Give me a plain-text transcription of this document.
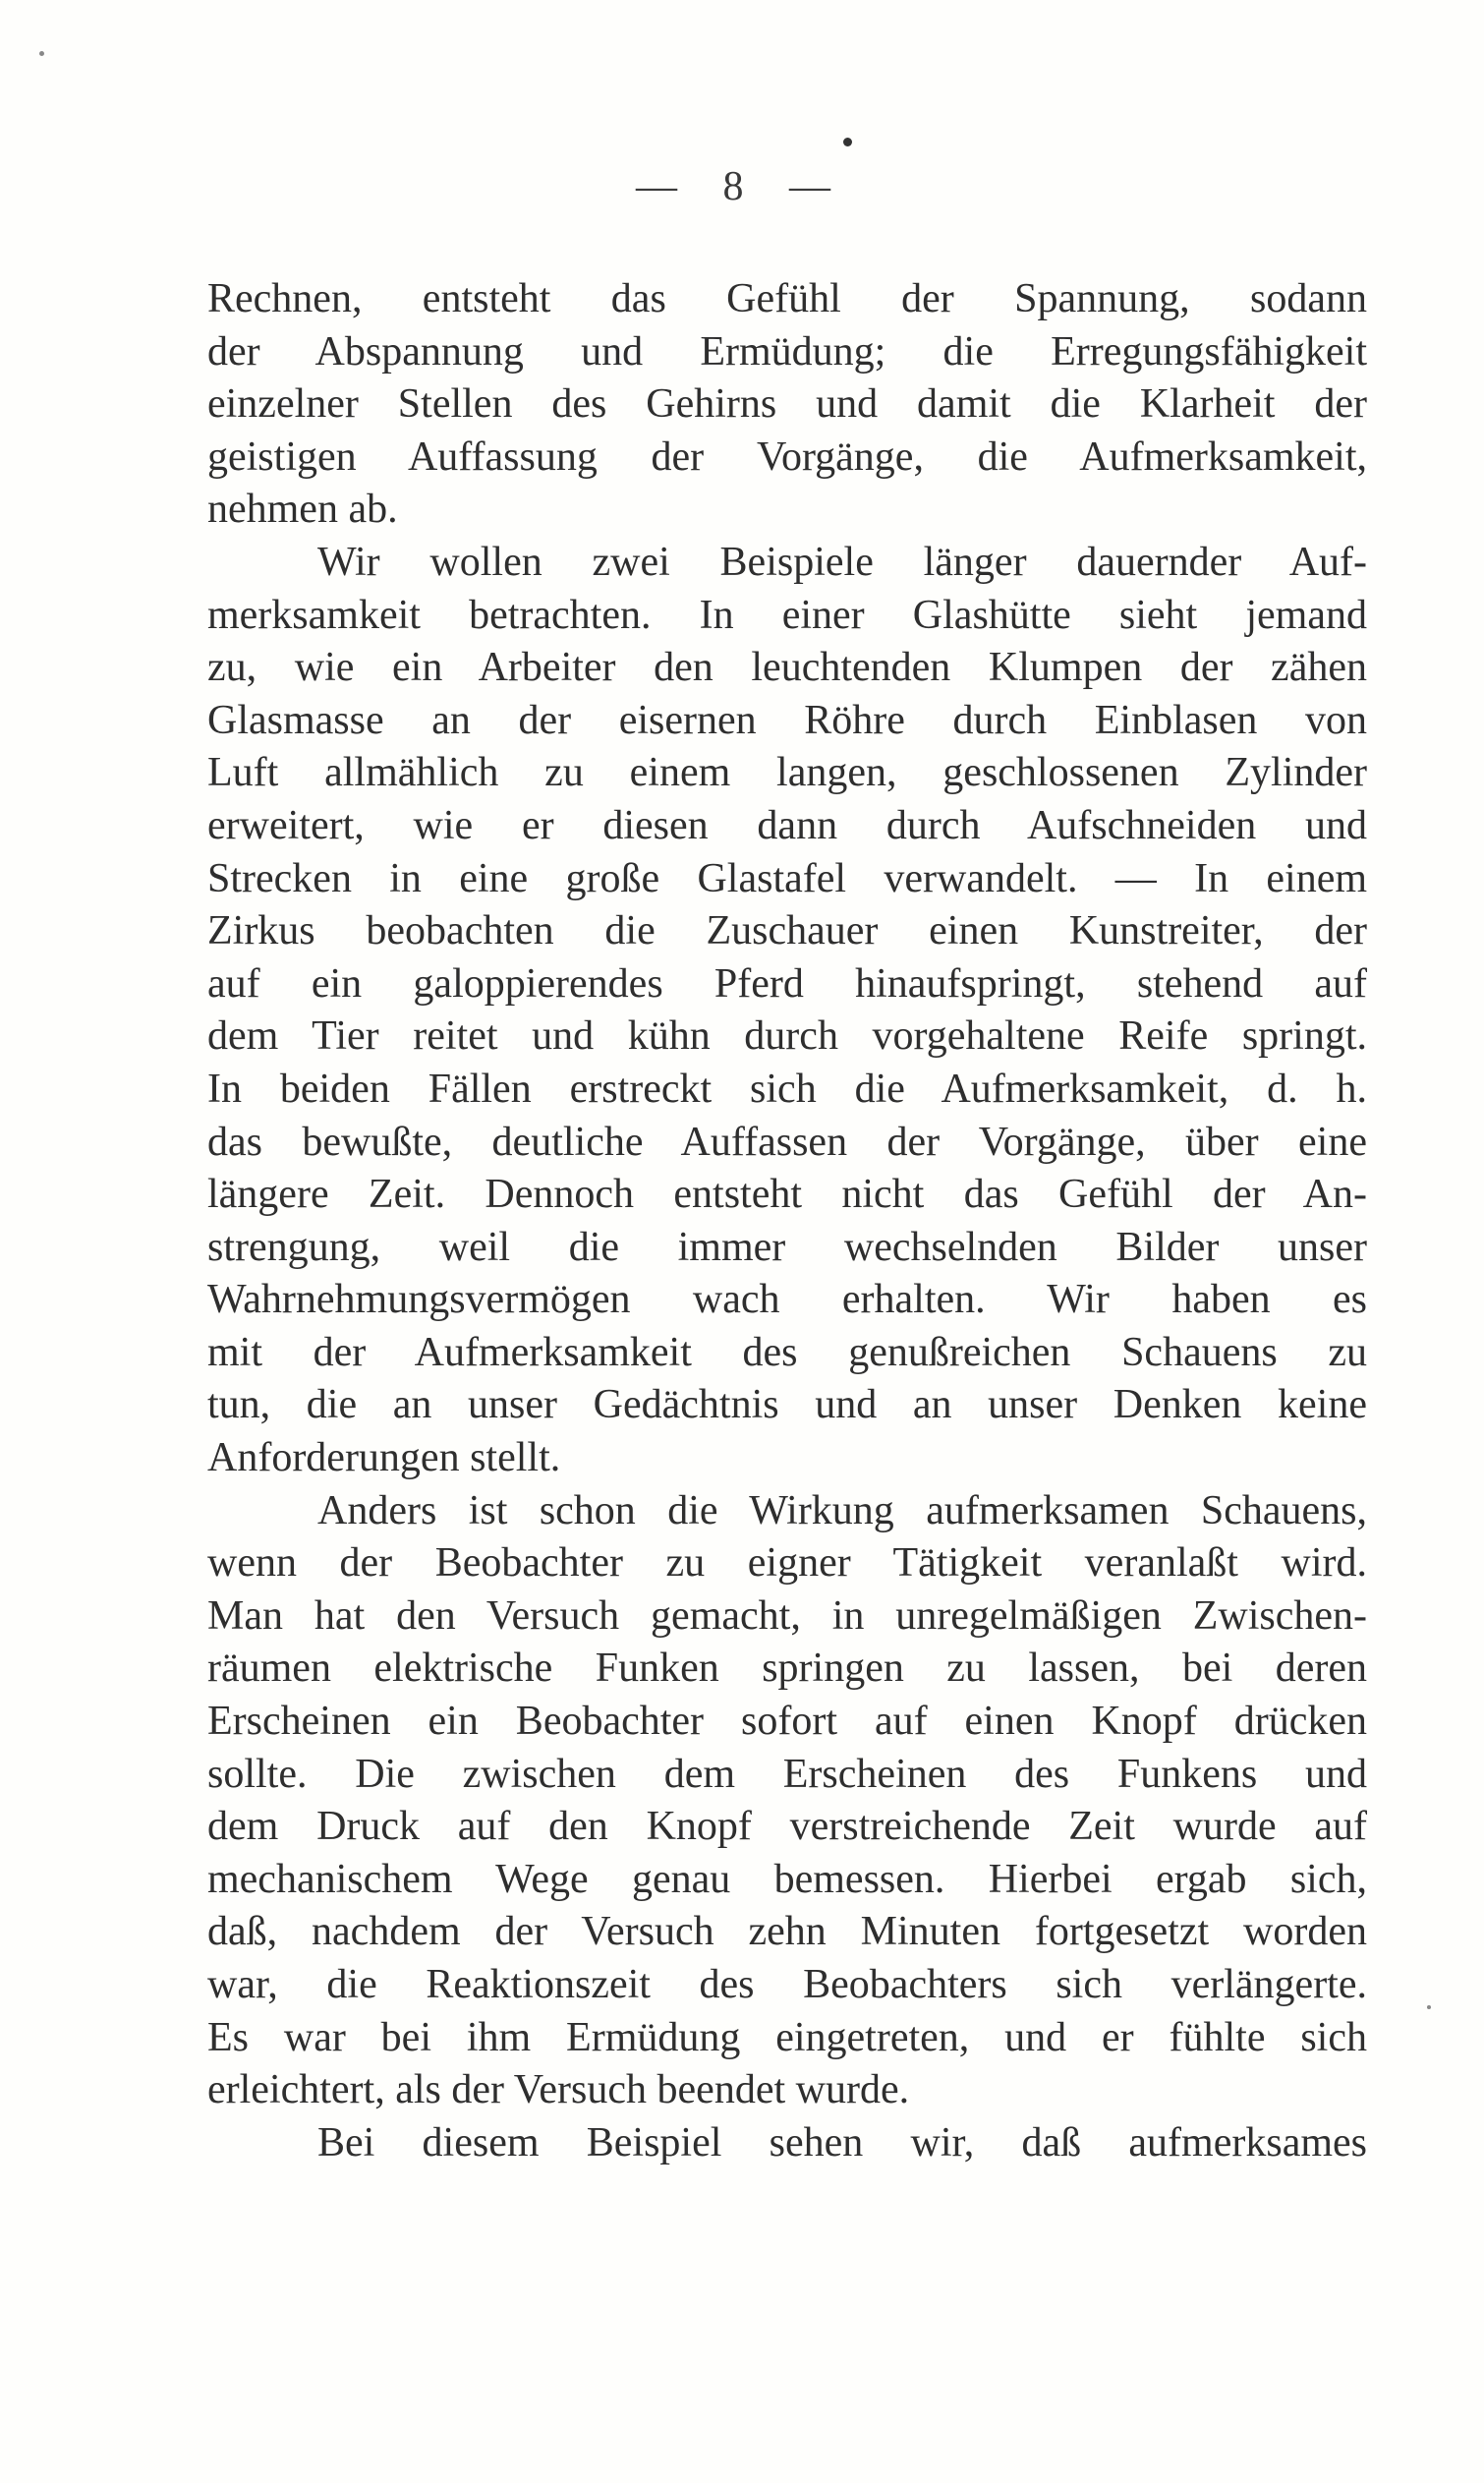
— 8 —
Rechnen, entsteht das Gefühl der Spannung, sodann
der Abspannung und Ermüdung; die Erregungsfähigkeit
einzelner Stellen des Gehirns und damit die Klarheit der
geistigen Auffassung der Vorgänge, die Aufmerksamkeit,
nehmen ab.
Wir wollen zwei Beispiele länger dauernder Auf-
merksamkeit betrachten. In einer Glashütte sieht jemand
zu, wie ein Arbeiter den leuchtenden Klumpen der zähen
Glasmasse an der eisernen Röhre durch Einblasen von
Luft allmählich zu einem langen, geschlossenen Zylinder
erweitert, wie er diesen dann durch Aufschneiden und
Strecken in eine große Glastafel verwandelt. — In einem
Zirkus beobachten die Zuschauer einen Kunstreiter, der
auf ein galoppierendes Pferd hinaufspringt, stehend auf
dem Tier reitet und kühn durch vorgehaltene Reife springt.
In beiden Fällen erstreckt sich die Aufmerksamkeit, d. h.
das bewußte, deutliche Auffassen der Vorgänge, über eine
längere Zeit. Dennoch entsteht nicht das Gefühl der An-
strengung, weil die immer wechselnden Bilder unser
Wahrnehmungsvermögen wach erhalten. Wir haben es
mit der Aufmerksamkeit des genußreichen Schauens zu
tun, die an unser Gedächtnis und an unser Denken keine
Anforderungen stellt.
Anders ist schon die Wirkung aufmerksamen Schauens,
wenn der Beobachter zu eigner Tätigkeit veranlaßt wird.
Man hat den Versuch gemacht, in unregelmäßigen Zwischen-
räumen elektrische Funken springen zu lassen, bei deren
Erscheinen ein Beobachter sofort auf einen Knopf drücken
sollte. Die zwischen dem Erscheinen des Funkens und
dem Druck auf den Knopf verstreichende Zeit wurde auf
mechanischem Wege genau bemessen. Hierbei ergab sich,
daß, nachdem der Versuch zehn Minuten fortgesetzt worden
war, die Reaktionszeit des Beobachters sich verlängerte.
Es war bei ihm Ermüdung eingetreten, und er fühlte sich
erleichtert, als der Versuch beendet wurde.
Bei diesem Beispiel sehen wir, daß aufmerksames
